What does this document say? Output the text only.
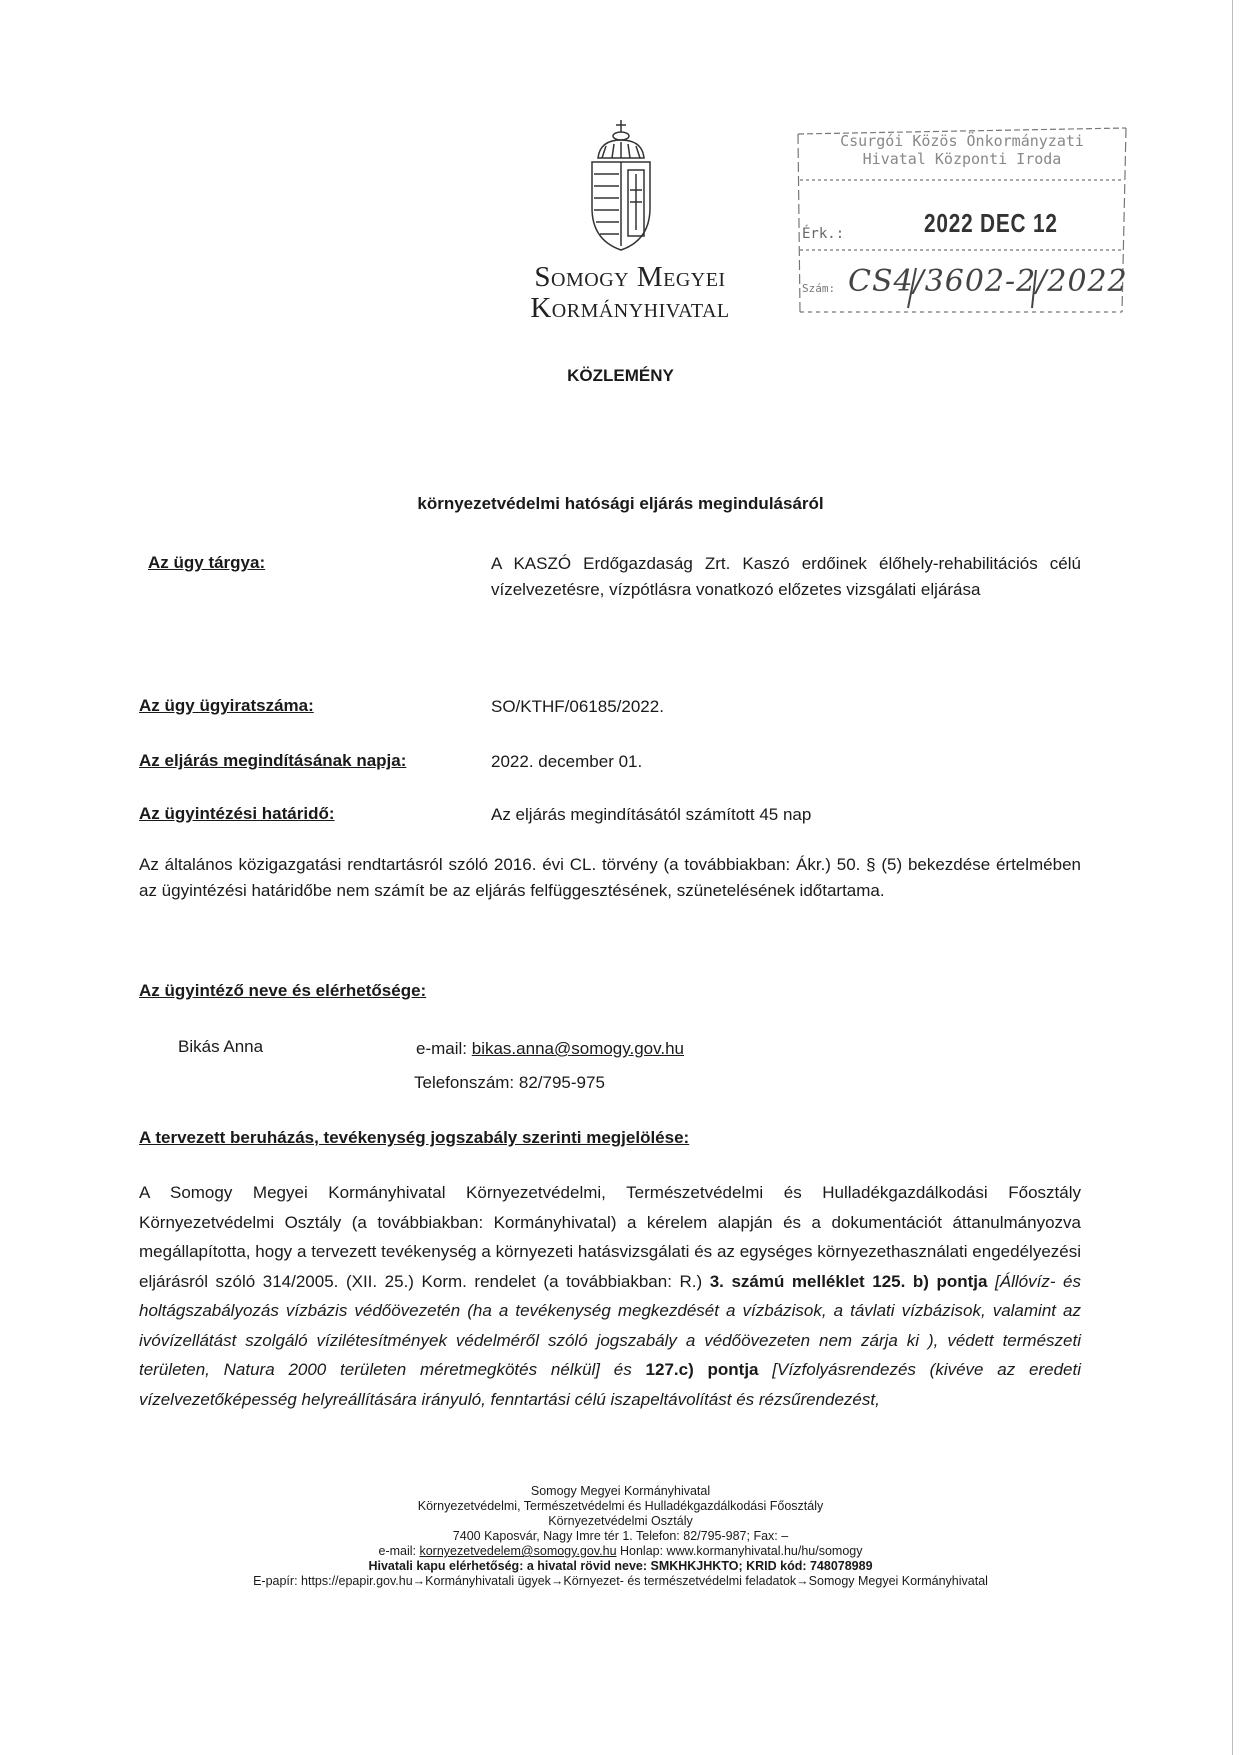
Somogy Megyei
Kormányhivatal
Csurgói Közös Önkormányzati Hivatal Központi Iroda
2022 DEC 12
Érk.:
Szám: CS4/3602-2/2022
KÖZLEMÉNY
környezetvédelmi hatósági eljárás megindulásáról
Az ügy tárgya:	A KASZÓ Erdőgazdaság Zrt. Kaszó erdőinek élőhely-rehabilitációs célú vízelvezetésre, vízpótlásra vonatkozó előzetes vizsgálati eljárása
Az ügy ügyiratszáma:	SO/KTHF/06185/2022.
Az eljárás megindításának napja:	2022. december 01.
Az ügyintézési határidő:	Az eljárás megindításától számított 45 nap
Az általános közigazgatási rendtartásról szóló 2016. évi CL. törvény (a továbbiakban: Ákr.) 50. § (5) bekezdése értelmében az ügyintézési határidőbe nem számít be az eljárás felfüggesztésének, szünetelésének időtartama.
Az ügyintéző neve és elérhetősége:
Bikás Anna	e-mail: bikas.anna@somogy.gov.hu
Telefonszám: 82/795-975
A tervezett beruházás, tevékenység jogszabály szerinti megjelölése:
A Somogy Megyei Kormányhivatal Környezetvédelmi, Természetvédelmi és Hulladékgazdálkodási Főosztály Környezetvédelmi Osztály (a továbbiakban: Kormányhivatal) a kérelem alapján és a dokumentációt áttanulmányozva megállapította, hogy a tervezett tevékenység a környezeti hatásvizsgálati és az egységes környezethasználati engedélyezési eljárásról szóló 314/2005. (XII. 25.) Korm. rendelet (a továbbiakban: R.) 3. számú melléklet 125. b) pontja [Állóvíz- és holtágszabályozás vízbázis védőövezetén (ha a tevékenység megkezdését a vízbázisok, a távlati vízbázisok, valamint az ivóvízellátást szolgáló vízilétesítmények védelméről szóló jogszabály a védőövezeten nem zárja ki ), védett természeti területen, Natura 2000 területen méretmegkötés nélkül] és 127.c) pontja [Vízfolyásrendezés (kivéve az eredeti vízelvezetőképesség helyreállítására irányuló, fenntartási célú iszapeltávolítást és rézsűrendezést,
Somogy Megyei Kormányhivatal
Környezetvédelmi, Természetvédelmi és Hulladékgazdálkodási Főosztály
Környezetvédelmi Osztály
7400 Kaposvár, Nagy Imre tér 1. Telefon: 82/795-987; Fax: –
e-mail: kornyezetvedelem@somogy.gov.hu Honlap: www.kormanyhivatal.hu/hu/somogy
Hivatali kapu elérhetőség: a hivatal rövid neve: SMKHKJHKTO; KRID kód: 748078989
E-papír: https://epapir.gov.hu→Kormányhivatali ügyek→Környezet- és természetvédelmi feladatok→Somogy Megyei Kormányhivatal
